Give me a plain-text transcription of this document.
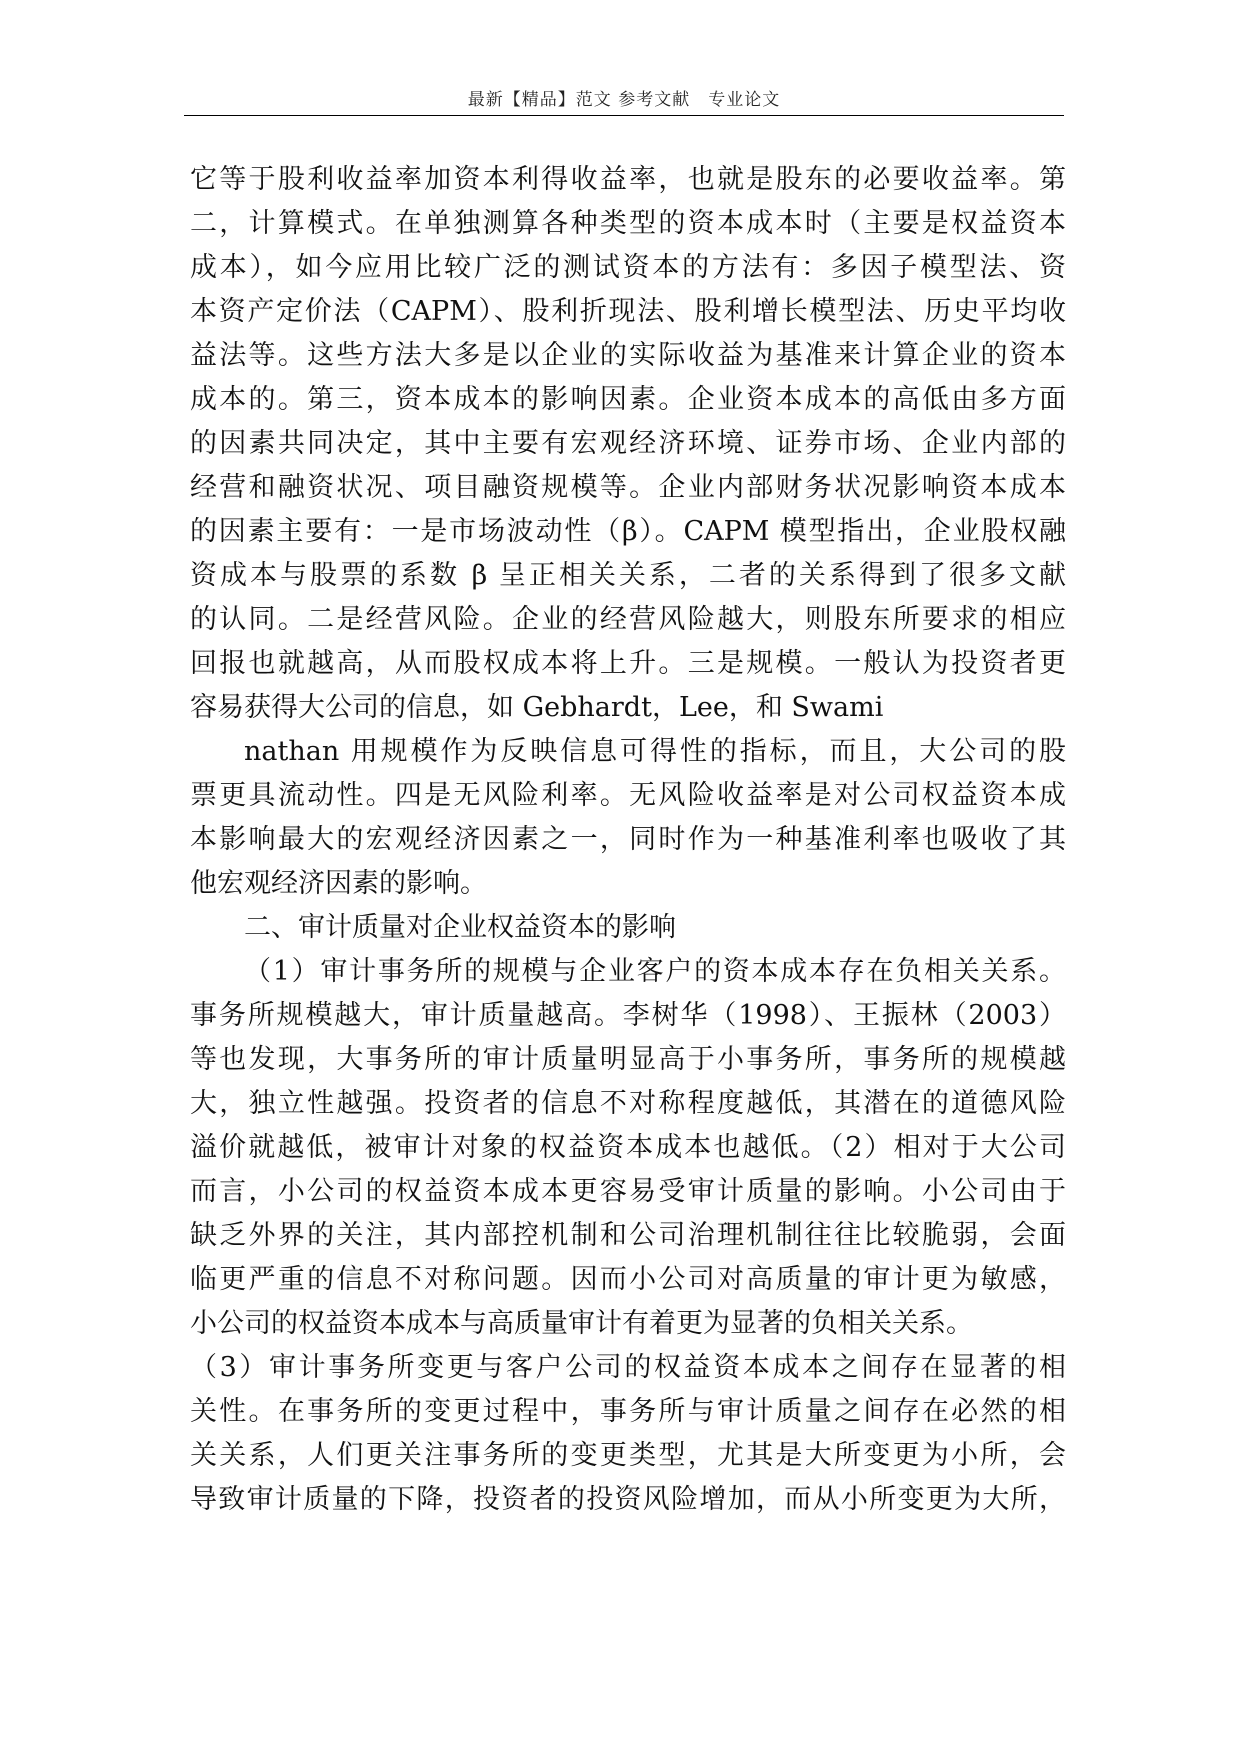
最新【精品】范文 参考文献　专业论文
它等于股利收益率加资本利得收益率，也就是股东的必要收益率。第
二，计算模式。在单独测算各种类型的资本成本时（主要是权益资本
成本），如今应用比较广泛的测试资本的方法有：多因子模型法、资
本资产定价法（CAPM）、股利折现法、股利增长模型法、历史平均收
益法等。这些方法大多是以企业的实际收益为基准来计算企业的资本
成本的。第三，资本成本的影响因素。企业资本成本的高低由多方面
的因素共同决定，其中主要有宏观经济环境、证券市场、企业内部的
经营和融资状况、项目融资规模等。企业内部财务状况影响资本成本
的因素主要有：一是市场波动性（β）。CAPM 模型指出，企业股权融
资成本与股票的系数 β 呈正相关关系，二者的关系得到了很多文献
的认同。二是经营风险。企业的经营风险越大，则股东所要求的相应
回报也就越高，从而股权成本将上升。三是规模。一般认为投资者更
容易获得大公司的信息，如 Gebhardt，Lee，和 Swami
nathan 用规模作为反映信息可得性的指标，而且，大公司的股
票更具流动性。四是无风险利率。无风险收益率是对公司权益资本成
本影响最大的宏观经济因素之一，同时作为一种基准利率也吸收了其
他宏观经济因素的影响。
二、审计质量对企业权益资本的影响
（1）审计事务所的规模与企业客户的资本成本存在负相关关系。
事务所规模越大，审计质量越高。李树华（1998）、王振林（2003）
等也发现，大事务所的审计质量明显高于小事务所，事务所的规模越
大，独立性越强。投资者的信息不对称程度越低，其潜在的道德风险
溢价就越低，被审计对象的权益资本成本也越低。（2）相对于大公司
而言，小公司的权益资本成本更容易受审计质量的影响。小公司由于
缺乏外界的关注，其内部控机制和公司治理机制往往比较脆弱，会面
临更严重的信息不对称问题。因而小公司对高质量的审计更为敏感，
小公司的权益资本成本与高质量审计有着更为显著的负相关关系。
（3）审计事务所变更与客户公司的权益资本成本之间存在显著的相
关性。在事务所的变更过程中，事务所与审计质量之间存在必然的相
关关系，人们更关注事务所的变更类型，尤其是大所变更为小所，会
导致审计质量的下降，投资者的投资风险增加，而从小所变更为大所，
